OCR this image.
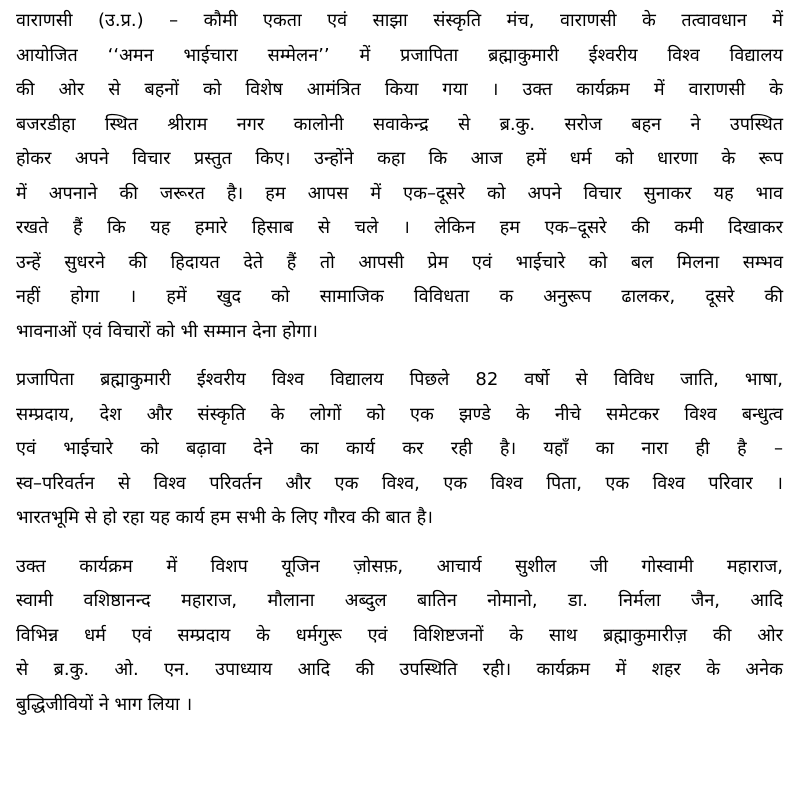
वाराणसी (उ.प्र.) – कौमी एकता एवं साझा संस्कृति मंच, वाराणसी के तत्वावधान में
आयोजित ‘‘अमन भाईचारा सम्मेलन’’ में प्रजापिता ब्रह्माकुमारी ईश्वरीय विश्व विद्यालय
की ओर से बहनों को विशेष आमंत्रित किया गया । उक्त कार्यक्रम में वाराणसी के
बजरडीहा स्थित श्रीराम नगर कालोनी सवाकेन्द्र से ब्र.कु. सरोज बहन ने उपस्थित
होकर अपने विचार प्रस्तुत किए। उन्होंने कहा कि आज हमें धर्म को धारणा के रूप
में अपनाने की जरूरत है। हम आपस में एक–दूसरे को अपने विचार सुनाकर यह भाव
रखते हैं कि यह हमारे हिसाब से चले । लेकिन हम एक–दूसरे की कमी दिखाकर
उन्हें सुधरने की हिदायत देते हैं तो आपसी प्रेम एवं भाईचारे को बल मिलना सम्भव
नहीं होगा । हमें खुद को सामाजिक विविधता क अनुरूप ढालकर, दूसरे की
भावनाओं एवं विचारों को भी सम्मान देना होगा।

प्रजापिता ब्रह्माकुमारी ईश्वरीय विश्व विद्यालय पिछले 82 वर्षो से विविध जाति, भाषा,
सम्प्रदाय, देश और संस्कृति के लोगों को एक झण्डे के नीचे समेटकर विश्व बन्धुत्व
एवं भाईचारे को बढ़ावा देने का कार्य कर रही है। यहॉं का नारा ही है –
स्व–परिवर्तन से विश्व परिवर्तन और एक विश्व, एक विश्व पिता, एक विश्व परिवार ।
भारतभूमि से हो रहा यह कार्य हम सभी के लिए गौरव की बात है।

उक्त कार्यक्रम में विशप यूजिन ज़ोसफ़, आचार्य सुशील जी गोस्वामी महाराज,
स्वामी वशिष्ठानन्द महाराज, मौलाना अब्दुल बातिन नोमानो, डा. निर्मला जैन, आदि
विभिन्न धर्म एवं सम्प्रदाय के धर्मगुरू एवं विशिष्टजनों के साथ ब्रह्माकुमारीज़ की ओर
से ब्र.कु. ओ. एन. उपाध्याय आदि की उपस्थिति रही। कार्यक्रम में शहर के अनेक
बुद्धिजीवियों ने भाग लिया ।
